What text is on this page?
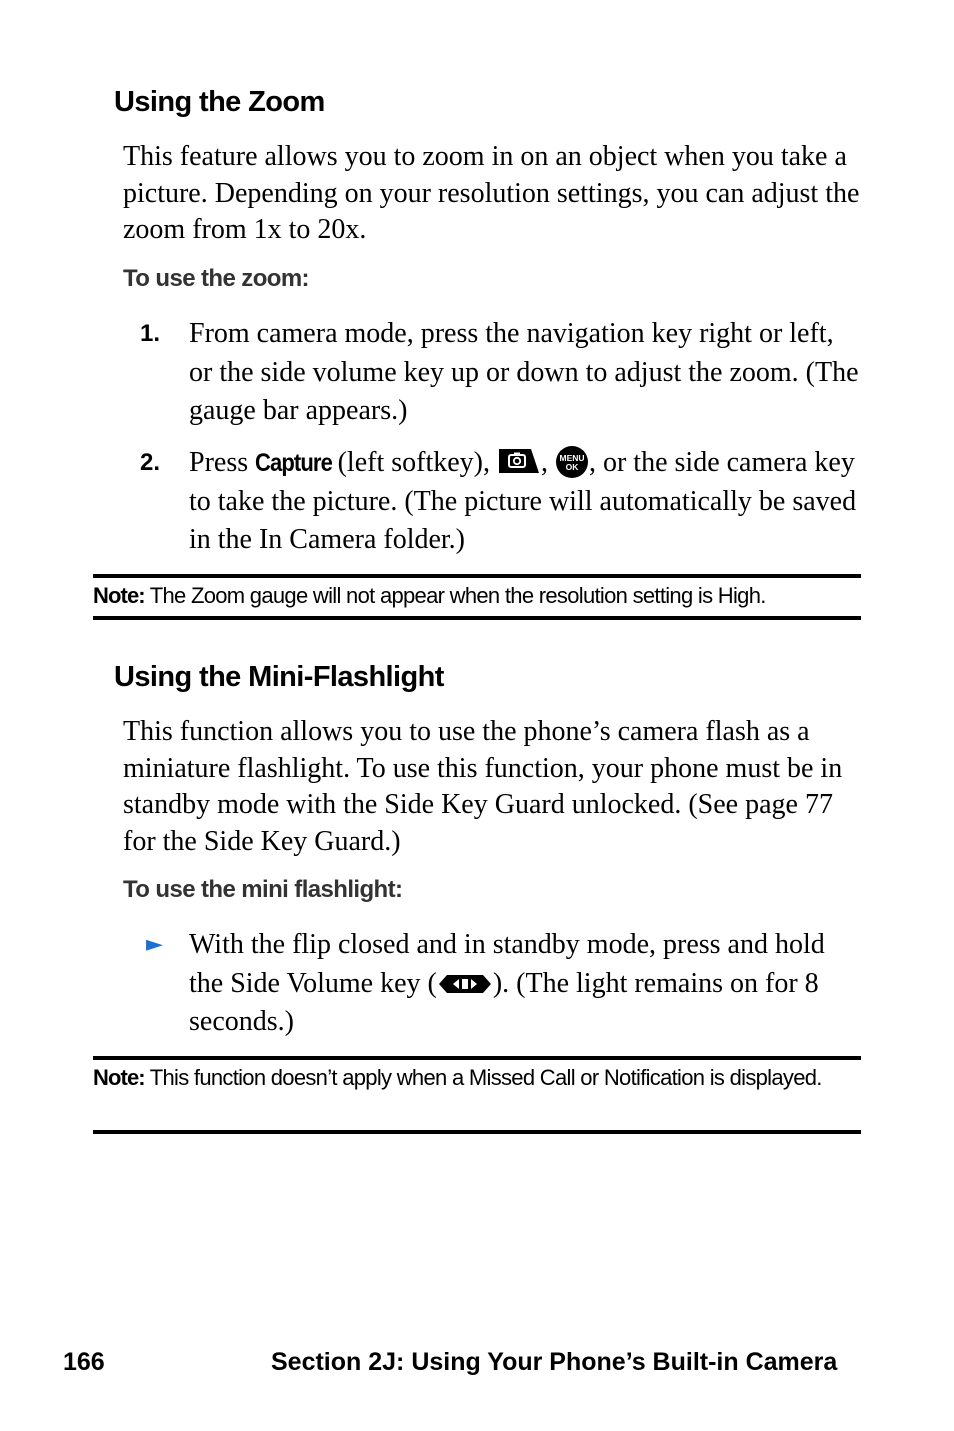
Using the Zoom

This feature allows you to zoom in on an object when you take a picture. Depending on your resolution settings, you can adjust the zoom from 1x to 20x.

To use the zoom:
1. From camera mode, press the navigation key right or left, or the side volume key up or down to adjust the zoom. (The gauge bar appears.)
2. Press Capture (left softkey), , MENU
OK , or the side camera key to take the picture. (The picture will automatically be saved in the In Camera folder.)
Note: The Zoom gauge will not appear when the resolution setting is High.
Using the Mini-Flashlight

This function allows you to use the phone’s camera flash as a miniature flashlight. To use this function, your phone must be in standby mode with the Side Key Guard unlocked. (See page 77 for the Side Key Guard.)

To use the mini flashlight:
► With the flip closed and in standby mode, press and hold the Side Volume key ( ). (The light remains on for 8 seconds.)
Note: This function doesn’t apply when a Missed Call or Notification is displayed.
166	Section 2J: Using Your Phone’s Built-in Camera
